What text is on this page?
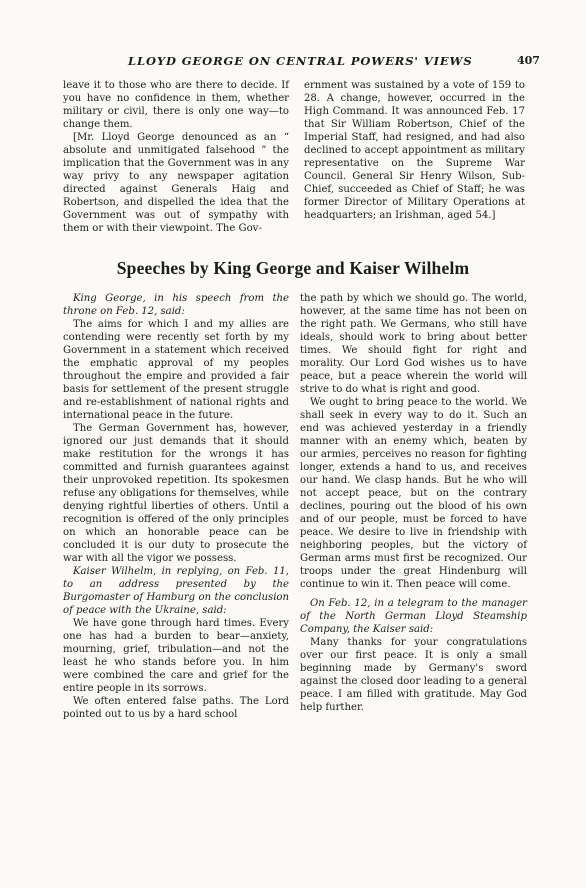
LLOYD GEORGE ON CENTRAL POWERS' VIEWS	407

leave it to those who are there to decide. If you have no confidence in them, whether military or civil, there is only one way—to change them.

[Mr. Lloyd George denounced as an “ absolute and unmitigated falsehood ” the implication that the Government was in any way privy to any newspaper agitation directed against Generals Haig and Robertson, and dispelled the idea that the Government was out of sympathy with them or with their viewpoint. The Gov-

ernment was sustained by a vote of 159 to 28. A change, however, occurred in the High Command. It was announced Feb. 17 that Sir William Robertson, Chief of the Imperial Staff, had resigned, and had also declined to accept appointment as military representative on the Supreme War Council. General Sir Henry Wilson, Sub-Chief, succeeded as Chief of Staff; he was former Director of Military Operations at headquarters; an Irishman, aged 54.]

Speeches by King George and Kaiser Wilhelm

King George, in his speech from the throne on Feb. 12, said:

The aims for which I and my allies are contending were recently set forth by my Government in a statement which received the emphatic approval of my peoples throughout the empire and provided a fair basis for settlement of the present struggle and re-establishment of national rights and international peace in the future.

The German Government has, however, ignored our just demands that it should make restitution for the wrongs it has committed and furnish guarantees against their unprovoked repetition. Its spokesmen refuse any obligations for themselves, while denying rightful liberties of others. Until a recognition is offered of the only principles on which an honorable peace can be concluded it is our duty to prosecute the war with all the vigor we possess.

Kaiser Wilhelm, in replying, on Feb. 11, to an address presented by the Burgomaster of Hamburg on the conclusion of peace with the Ukraine, said:

We have gone through hard times. Every one has had a burden to bear—anxiety, mourning, grief, tribulation—and not the least he who stands before you. In him were combined the care and grief for the entire people in its sorrows.

We often entered false paths. The Lord pointed out to us by a hard school

the path by which we should go. The world, however, at the same time has not been on the right path. We Germans, who still have ideals, should work to bring about better times. We should fight for right and morality. Our Lord God wishes us to have peace, but a peace wherein the world will strive to do what is right and good.

We ought to bring peace to the world. We shall seek in every way to do it. Such an end was achieved yesterday in a friendly manner with an enemy which, beaten by our armies, perceives no reason for fighting longer, extends a hand to us, and receives our hand. We clasp hands. But he who will not accept peace, but on the contrary declines, pouring out the blood of his own and of our people, must be forced to have peace. We desire to live in friendship with neighboring peoples, but the victory of German arms must first be recognized. Our troops under the great Hindenburg will continue to win it. Then peace will come.

On Feb. 12, in a telegram to the manager of the North German Lloyd Steamship Company, the Kaiser said:

Many thanks for your congratulations over our first peace. It is only a small beginning made by Germany's sword against the closed door leading to a general peace. I am filled with gratitude. May God help further.
